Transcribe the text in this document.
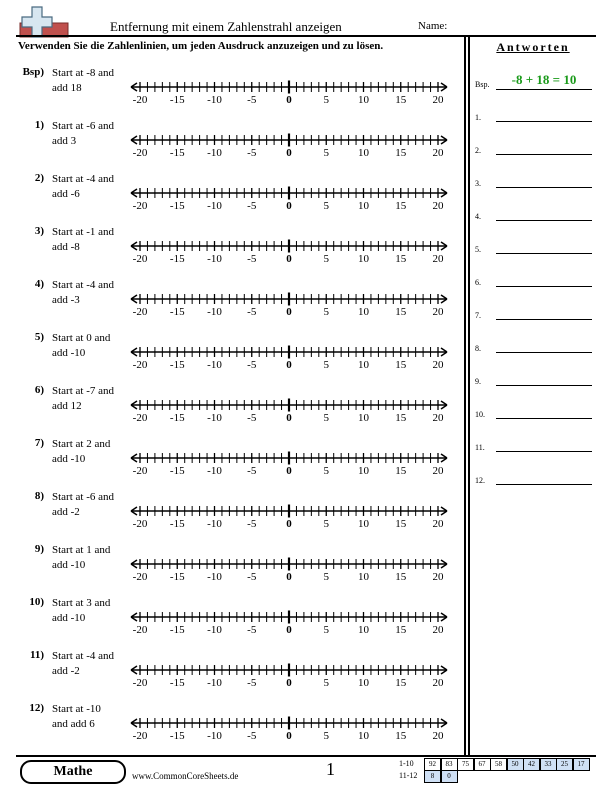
Entfernung mit einem Zahlenstrahl anzeigen	Name:
Verwenden Sie die Zahlenlinien, um jeden Ausdruck anzuzeigen und zu lösen.
Bsp) Start at -8 and
add 18
-20 -15 -10 -5	0	5	10 15 20
1) Start at -6 and
add 3
-20 -15 -10 -5	0	5	10 15 20
2) Start at -4 and
add -6
-20 -15 -10 -5	0	5	10 15 20
3) Start at -1 and
add -8
-20 -15 -10 -5	0	5	10 15 20
4) Start at -4 and
add -3
-20 -15 -10 -5	0	5	10 15 20
5) Start at 0 and
add -10
-20 -15 -10 -5	0	5	10 15 20
6) Start at -7 and
add 12
-20 -15 -10 -5	0	5	10 15 20
7) Start at 2 and
add -10
-20 -15 -10 -5	0	5	10 15 20
8) Start at -6 and
add -2
-20 -15 -10 -5	0	5	10 15 20
9) Start at 1 and
add -10
-20 -15 -10 -5	0	5	10 15 20
10) Start at 3 and
add -10
-20 -15 -10 -5	0	5	10 15 20
11) Start at -4 and
add -2
-20 -15 -10 -5	0	5	10 15 20
12) Start at -10
and add 6
-20 -15 -10 -5	0	5	10 15 20
Antworten
Bsp.	-8 + 18 = 10
1.
2.
3.
4.
5.
6.
7.
8.
9.
10.
11.
12.
Mathe	www.CommonCoreSheets.de	1	1-10	92	83	75	67	58	50	42	33	25	17
11-12	8	0
